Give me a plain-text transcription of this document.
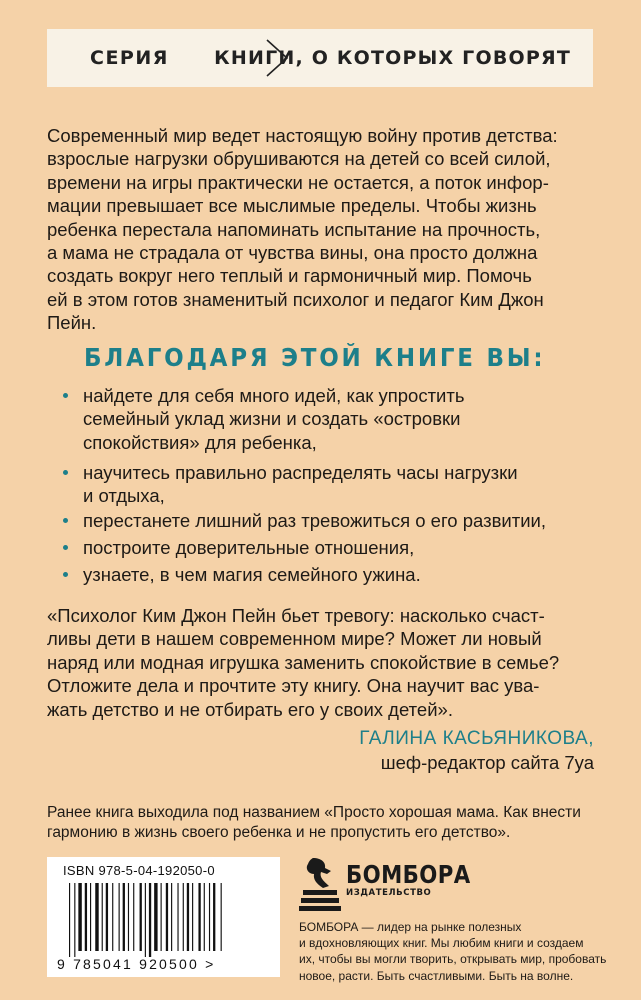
СЕРИЯ КНИГИ, О КОТОРЫХ ГОВОРЯТ
Современный мир ведет настоящую войну против детства:
взрослые нагрузки обрушиваются на детей со всей силой,
времени на игры практически не остается, а поток инфор-
мации превышает все мыслимые пределы. Чтобы жизнь
ребенка перестала напоминать испытание на прочность,
а мама не страдала от чувства вины, она просто должна
создать вокруг него теплый и гармоничный мир. Помочь
ей в этом готов знаменитый психолог и педагог Ким Джон
Пейн.
БЛАГОДАРЯ ЭТОЙ КНИГЕ ВЫ:
найдете для себя много идей, как упростить
семейный уклад жизни и создать «островки
спокойствия» для ребенка,
научитесь правильно распределять часы нагрузки
и отдыха,
перестанете лишний раз тревожиться о его развитии,
построите доверительные отношения,
узнаете, в чем магия семейного ужина.
«Психолог Ким Джон Пейн бьет тревогу: насколько счаст-
ливы дети в нашем современном мире? Может ли новый
наряд или модная игрушка заменить спокойствие в семье?
Отложите дела и прочтите эту книгу. Она научит вас ува-
жать детство и не отбирать его у своих детей».
ГАЛИНА КАСЬЯНИКОВА,
шеф-редактор сайта 7уа
Ранее книга выходила под названием «Просто хорошая мама. Как внести
гармонию в жизнь своего ребенка и не пропустить его детство».
ISBN 978-5-04-192050-0
9 785041 920500 >
БОМБОРА
ИЗДАТЕЛЬСТВО
БОМБОРА — лидер на рынке полезных
и вдохновляющих книг. Мы любим книги и создаем
их, чтобы вы могли творить, открывать мир, пробовать
новое, расти. Быть счастливыми. Быть на волне.
